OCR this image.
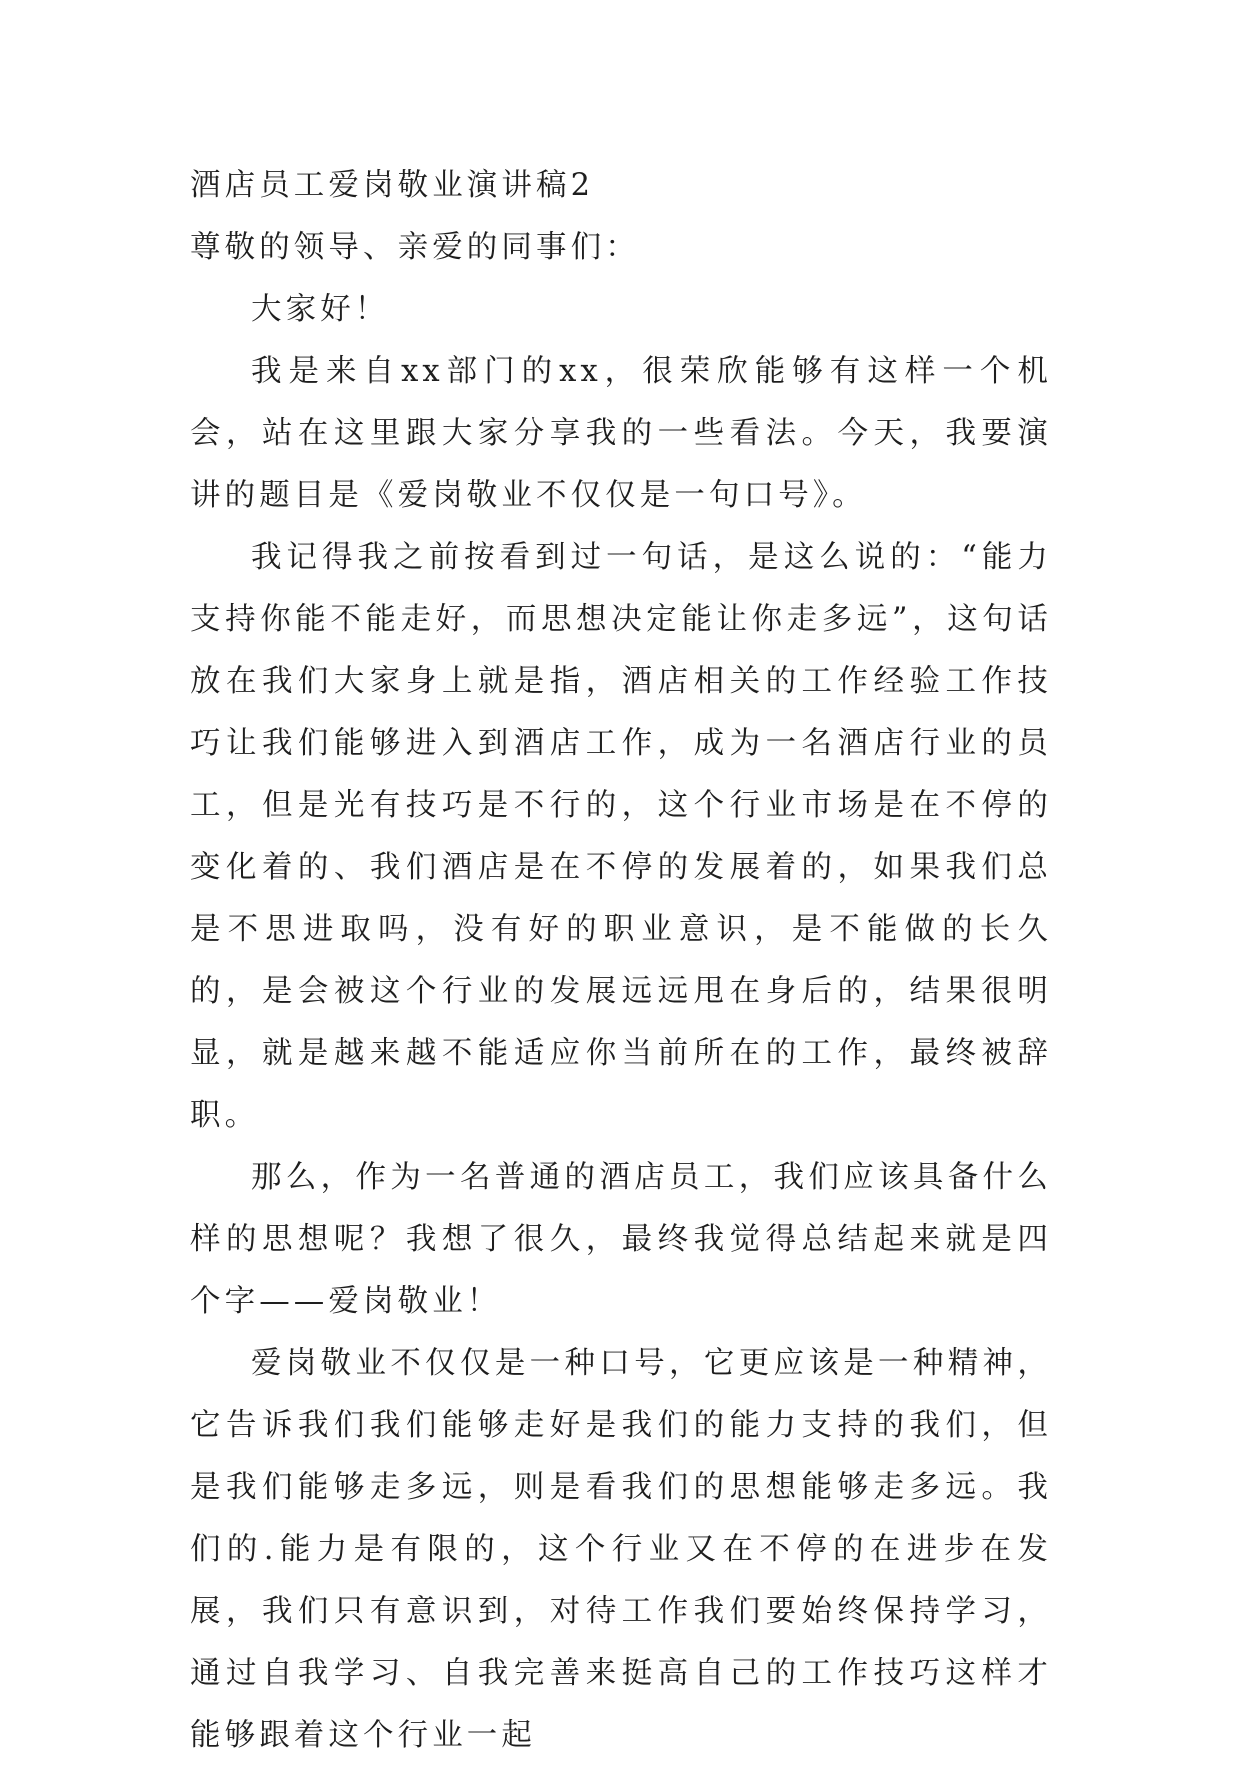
酒店员工爱岗敬业演讲稿2

尊敬的领导、亲爱的同事们：

大家好！

我是来自xx部门的xx，很荣欣能够有这样一个机会，站在这里跟大家分享我的一些看法。今天，我要演讲的题目是《爱岗敬业不仅仅是一句口号》。

我记得我之前按看到过一句话，是这么说的：“能力支持你能不能走好，而思想决定能让你走多远”，这句话放在我们大家身上就是指，酒店相关的工作经验工作技巧让我们能够进入到酒店工作，成为一名酒店行业的员工，但是光有技巧是不行的，这个行业市场是在不停的变化着的、我们酒店是在不停的发展着的，如果我们总是不思进取吗，没有好的职业意识，是不能做的长久的，是会被这个行业的发展远远甩在身后的，结果很明显，就是越来越不能适应你当前所在的工作，最终被辞职。

那么，作为一名普通的酒店员工，我们应该具备什么样的思想呢？我想了很久，最终我觉得总结起来就是四个字——爱岗敬业！

爱岗敬业不仅仅是一种口号，它更应该是一种精神，它告诉我们我们能够走好是我们的能力支持的我们，但是我们能够走多远，则是看我们的思想能够走多远。我们的.能力是有限的，这个行业又在不停的在进步在发展，我们只有意识到，对待工作我们要始终保持学习，通过自我学习、自我完善来挺高自己的工作技巧这样才能够跟着这个行业一起
